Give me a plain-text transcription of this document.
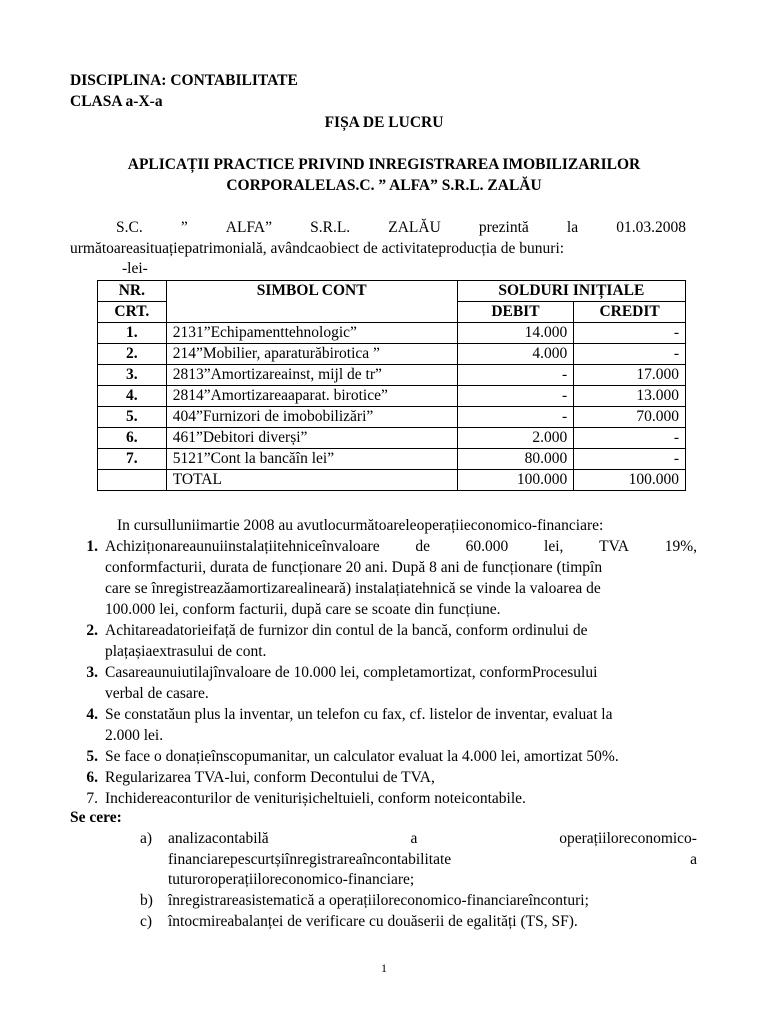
DISCIPLINA: CONTABILITATE
CLASA a-X-a
FIȘA DE LUCRU
APLICAȚII PRACTICE PRIVIND INREGISTRAREA IMOBILIZARILOR
CORPORALELAS.C. ” ALFA” S.R.L. ZALĂU
S.C. ” ALFA” S.R.L. ZALĂU prezintă la 01.03.2008
următoareasituațiepatrimonială, avândcaobiect de activitateproducția de bunuri:
-lei-
NR.	SIMBOL CONT	SOLDURI INIȚIALE	
CRT.		DEBIT	CREDIT
1.	2131”Echipamenttehnologic”	14.000	-
2.	214”Mobilier, aparaturăbirotica ”	4.000	-
3.	2813”Amortizareainst, mijl de tr”	-	17.000
4.	2814”Amortizareaaparat. birotice”	-	13.000
5.	404”Furnizori de imobobilizări”	-	70.000
6.	461”Debitori diverși”	2.000	-
7.	5121”Cont la bancăîn lei”	80.000	-
	TOTAL	100.000	100.000
In cursulluniimartie 2008 au avutlocurmătoareleoperațiieconomico-financiare:
1. Achizițıonareaunuiinstalațiitehniceînvaloare de 60.000 lei, TVA 19%,
conformfacturii, durata de funcționare 20 ani. După 8 ani de funcționare (timpîn
care se înregistreazăamortizarealineară) instalațiatehnică se vinde la valoarea de
100.000 lei, conform facturii, după care se scoate din funcțiune.
2. Achitareadatorieifață de furnizor din contul de la bancă, conform ordinului de
plațașiaextrasului de cont.
3. Casareaunuiutilajînvaloare de 10.000 lei, completamortizat, conformProcesului
verbal de casare.
4. Se constatăun plus la inventar, un telefon cu fax, cf. listelor de inventar, evaluat la
2.000 lei.
5. Se face o donațieînscopumanitar, un calculator evaluat la 4.000 lei, amortizat 50%.
6. Regularizarea TVA-lui, conform Decontului de TVA,
7. Inchidereaconturilor de veniturișicheltuieli, conform noteicontabile.
Se cere:
a) analizacontabilă	a	operațiiloreconomico-
financiarepescurtșiînregistrareaîncontabilitate	a
tuturoroperațiiloreconomico-financiare;
b) înregistrareasistematică a operațiiloreconomico-financiareînconturi;
c) întocmireabalanței de verificare cu douăserii de egalități (TS, SF).
1
